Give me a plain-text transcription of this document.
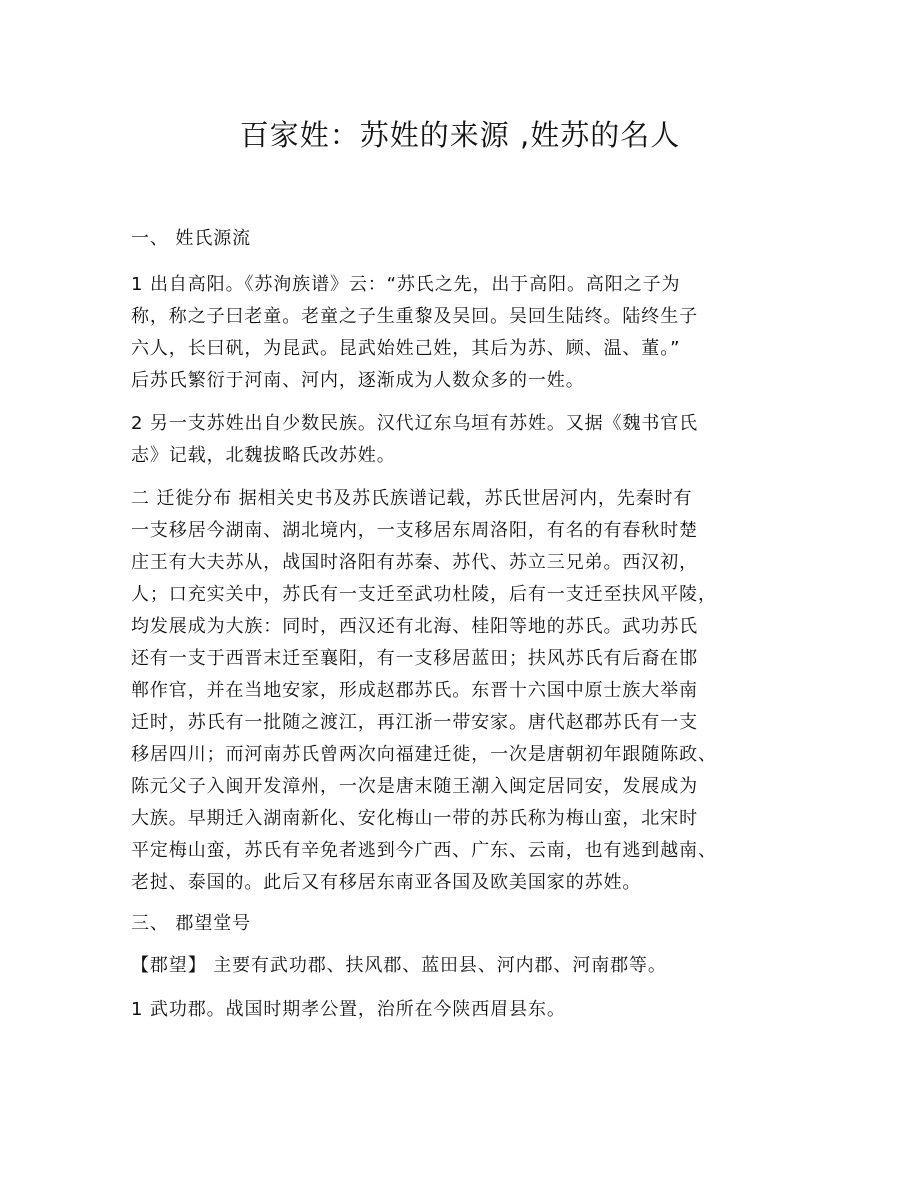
百家姓：苏姓的来源 ,姓苏的名人
一、 姓氏源流
1 出自高阳。《苏洵族谱》云：“苏氏之先，出于高阳。高阳之子为
称，称之子曰老童。老童之子生重黎及吴回。吴回生陆终。陆终生子
六人，长曰矾，为昆武。昆武始姓己姓，其后为苏、顾、温、董。”
后苏氏繁衍于河南、河内，逐渐成为人数众多的一姓。
2 另一支苏姓出自少数民族。汉代辽东乌垣有苏姓。又据《魏书官氏
志》记载，北魏拔略氏改苏姓。
二 迁徙分布 据相关史书及苏氏族谱记载，苏氏世居河内，先秦时有
一支移居今湖南、湖北境内，一支移居东周洛阳，有名的有春秋时楚
庄王有大夫苏从，战国时洛阳有苏秦、苏代、苏立三兄弟。西汉初，
人；口充实关中，苏氏有一支迁至武功杜陵，后有一支迁至扶风平陵，
均发展成为大族：同时，西汉还有北海、桂阳等地的苏氏。武功苏氏
还有一支于西晋末迁至襄阳，有一支移居蓝田；扶风苏氏有后裔在邯
郸作官，并在当地安家，形成赵郡苏氏。东晋十六国中原士族大举南
迁时，苏氏有一批随之渡江，再江浙一带安家。唐代赵郡苏氏有一支
移居四川；而河南苏氏曾两次向福建迁徙，一次是唐朝初年跟随陈政、
陈元父子入闽开发漳州，一次是唐末随王潮入闽定居同安，发展成为
大族。早期迁入湖南新化、安化梅山一带的苏氏称为梅山蛮，北宋时
平定梅山蛮，苏氏有辛免者逃到今广西、广东、云南，也有逃到越南、
老挝、泰国的。此后又有移居东南亚各国及欧美国家的苏姓。
三、 郡望堂号
【郡望】 主要有武功郡、扶风郡、蓝田县、河内郡、河南郡等。
1 武功郡。战国时期孝公置，治所在今陕西眉县东。
